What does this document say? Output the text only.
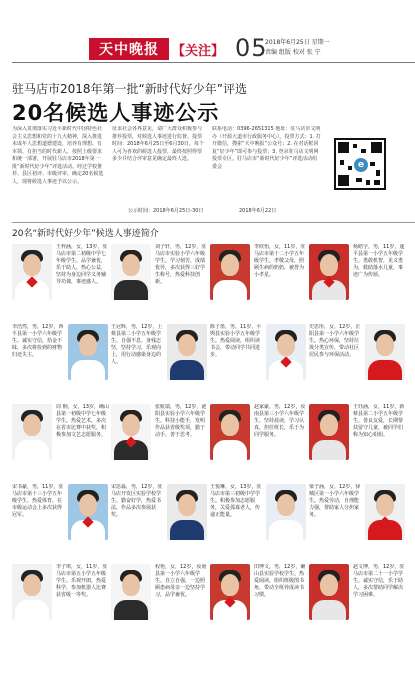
天中晚报	【关注】 05
2018年6月25日 星期一
责编 组版 校对 张 宁
驻马店市2018年第一批“新时代好少年”评选
20名候选人事迹公示
为深入贯彻落实习近平新时代中国特色社会主义思想和党的十九大精神，深入推进未成年人思想道德建设，培养有理想、有本领、有担当的时代新人，按照上级要求和统一部署，开展驻马店市2018年第一批“新时代好少年”评选活动。经过学校推荐、县区初评、市级评审，确定20名候选人，现将候选人事迹予以公示。
征求社会各界意见，请广大群众积极参与推荐投票，对候选人事迹进行监督。投票时间：2018年6月25日至6月30日。每个人可为喜欢的候选人投票，最终按照得票多少并结合评审意见确定最终人选。
联系电话：0396-2651315 地址：驻马店市文明办（开源大道市行政服务中心）。投票方式：1. 打开微信，搜索“天中晚报”公众号；2. 在对话框回复“好少年”即可参与投票；3. 登录驻马店文明网投票专区。驻马店市“新时代好少年”评选活动组委会
公示时间：2018年6月25日-30日	2018年6月22日
e
20名“新时代好少年”候选人事迹简介
王梓涵，女，13岁，驻马店市第二初级中学七年级学生。品学兼优，乐于助人，热心公益，坚持为身边同学义务辅导功课，事迹感人。
刘子轩，男，12岁，驻马店市实验小学六年级学生。学习刻苦，成绩优异，多次获得三好学生称号，热爱科技创新。
李欣怡，女，11岁，驻马店市第十二小学五年级学生。孝敬父母，照顾生病的奶奶，被誉为小孝星。
杨皓宇，男，11岁，遂平县第一小学五年级学生。勇敢机智，见义勇为，救助落水儿童，事迹广为传颂。
李浩然，男，12岁，西平县第一小学六年级学生。诚实守信，拾金不昧，多次将捡到的财物归还失主。
王冠辉，男，12岁，上蔡县第二小学五年级学生。自强不息，身残志坚，坚持学习，乐观向上，用行动感染身边的人。
陈子墨，男，11岁，平舆县实验小学五年级学生。热爱阅读，组织读书会，带动同学共同进步。
史思彤，女，12岁，正阳县第一小学六年级学生。热心环保，坚持垃圾分类宣传，带动社区居民参与环保活动。
周 桐，女，13岁，确山县第一初级中学七年级学生。热爱艺术，多次在省市比赛中获奖，积极参加文艺志愿服务。
张航瑞，男，12岁，泌阳县实验小学六年级学生。科技小能手，发明作品获省级奖项，勤于动手，善于思考。
赵家豪，男，12岁，汝南县第三小学六年级学生。坚持晨读，学习认真，担任班长，乐于为同学服务。
王钰涵，女，11岁，新蔡县第二小学五年级学生。善良友爱，长期帮扶留守儿童，被同学们称为知心姐姐。
宋书豪，男，11岁，驻马店市第十三小学五年级学生。热爱体育，在市级运动会上多次获得冠军。
宋思淼，男，12岁，驻马店开发区实验学校学生。勤奋好学，热爱书法，作品多次参展获奖。
王悦琳，女，13岁，驻马店市第三初级中学学生。积极参加志愿服务，关爱孤寡老人，传递正能量。
梁子涵，女，12岁，驿城区第一小学六年级学生。热爱劳动，自理能力强，帮助家人分担家务。
李子琪，女，11岁，驻马店市第五小学五年级学生。乐观开朗，热爱科学，参加机器人比赛获省级一等奖。
程艳，女，12岁，汝南县第一小学六年级学生。自立自强，一边照顾患病母亲一边坚持学习，品学兼优。
田博文，男，12岁，确山县实验学校学生。热爱阅读，组织班级图书角，带动全班养成读书习惯。
赵文博，男，12岁，驻马店市第二十一小学学生。诚实守信，乐于助人，多次帮助同学解决学习困难。
